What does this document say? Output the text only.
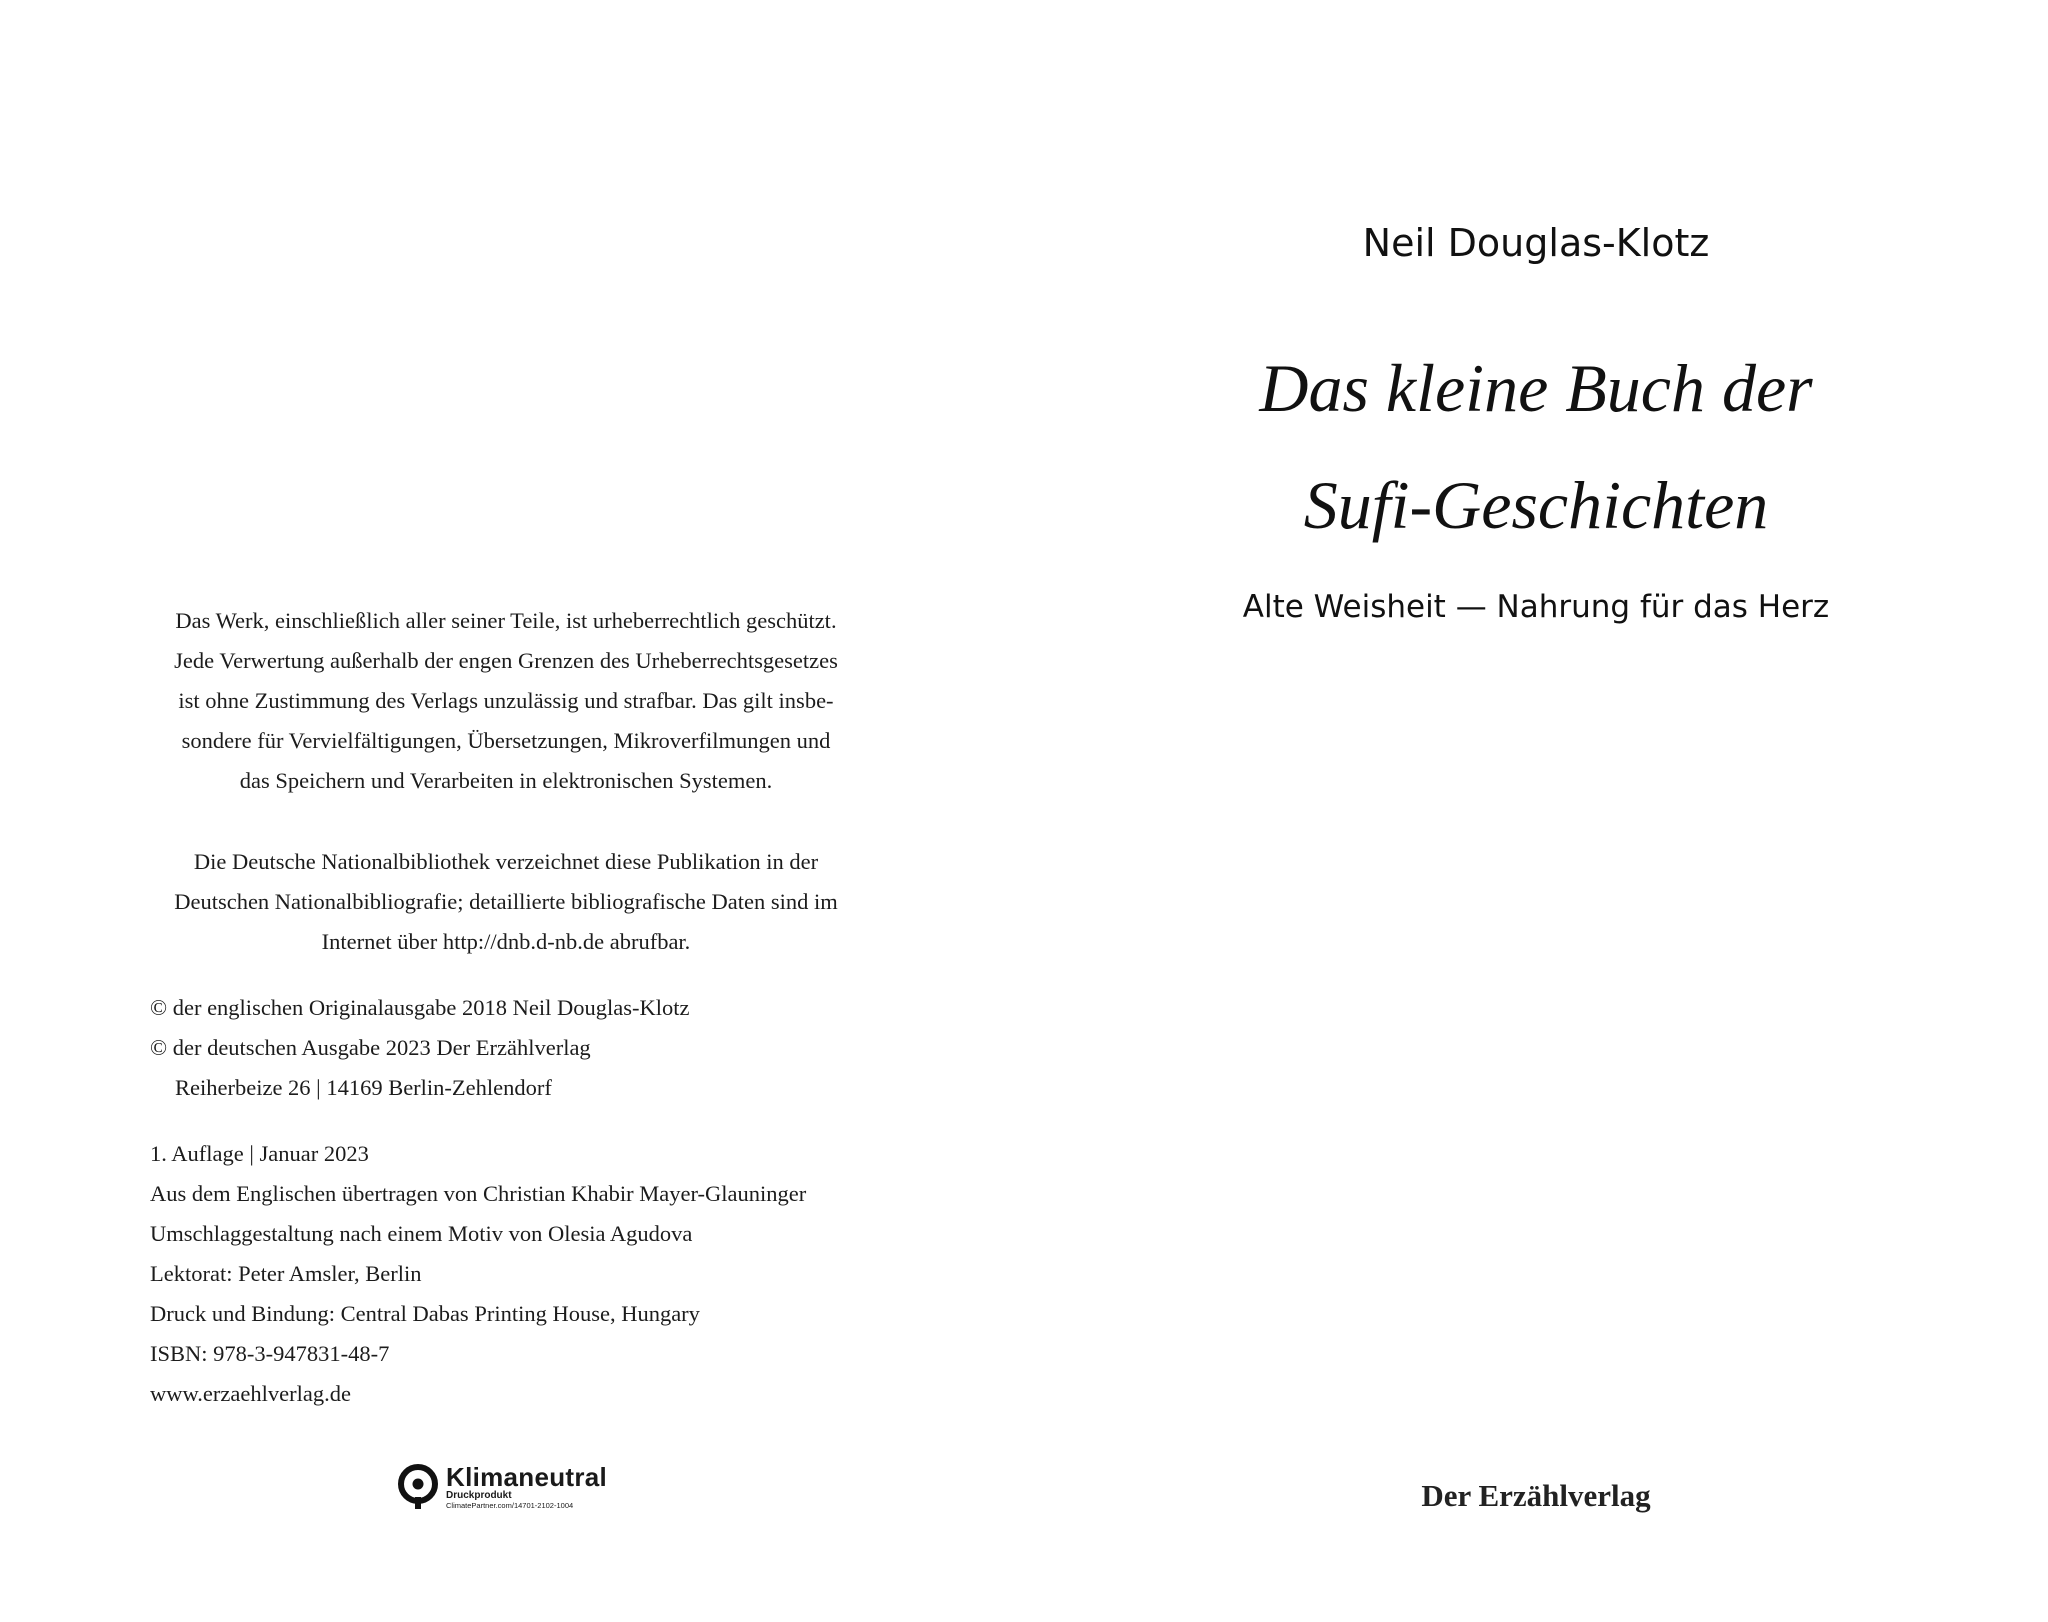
Das Werk, einschließlich aller seiner Teile, ist urheberrechtlich geschützt.

Jede Verwertung außerhalb der engen Grenzen des Urheberrechtsgesetzes

ist ohne Zustimmung des Verlags unzulässig und strafbar. Das gilt insbe-

sondere für Vervielfältigungen, Übersetzungen, Mikroverfilmungen und

das Speichern und Verarbeiten in elektronischen Systemen.

Die Deutsche Nationalbibliothek verzeichnet diese Publikation in der

Deutschen Nationalbibliografie; detaillierte bibliografische Daten sind im

Internet über http://dnb.d-nb.de abrufbar.

© der englischen Originalausgabe 2018 Neil Douglas-Klotz

© der deutschen Ausgabe 2023 Der Erzählverlag

Reiherbeize 26 | 14169 Berlin-Zehlendorf

1. Auflage | Januar 2023

Aus dem Englischen übertragen von Christian Khabir Mayer-Glauninger

Umschlaggestaltung nach einem Motiv von Olesia Agudova

Lektorat: Peter Amsler, Berlin

Druck und Bindung: Central Dabas Printing House, Hungary

ISBN: 978-3-947831-48-7

www.erzaehlverlag.de

Klimaneutral
Druckprodukt
ClimatePartner.com/14701-2102-1004
Neil Douglas-Klotz
Das kleine Buch der
Sufi-Geschichten
Alte Weisheit — Nahrung für das Herz
Der Erzählverlag
